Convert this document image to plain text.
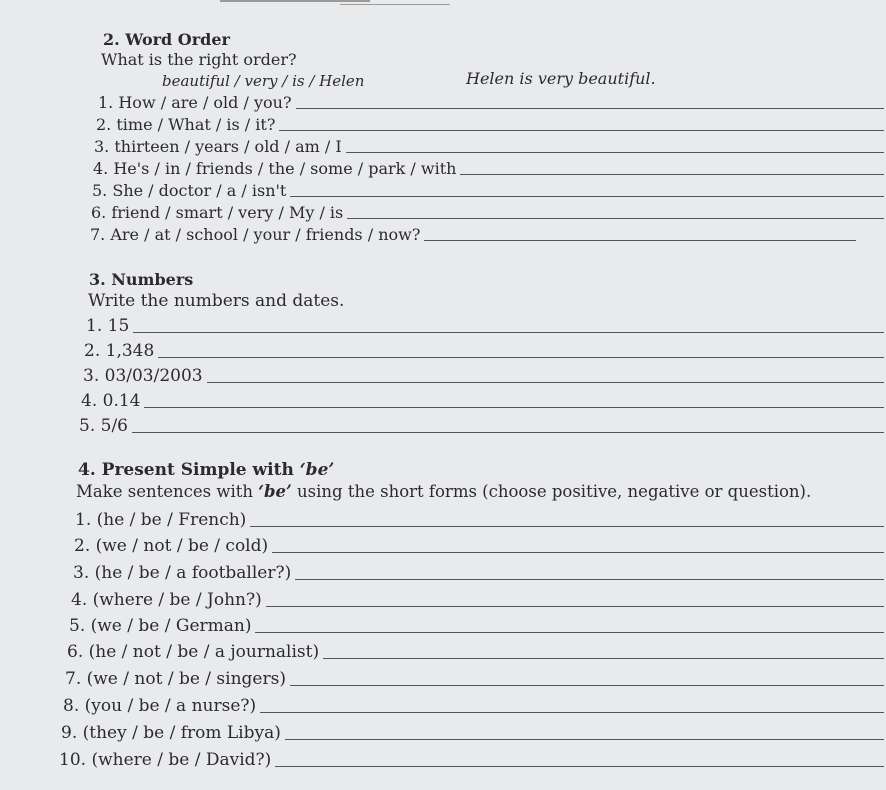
2. Word Order
What is the right order?
beautiful / very / is / Helen	Helen is very beautiful.
1. How / are / old / you?
2. time / What / is / it?
3. thirteen / years / old / am / I
4. He's / in / friends / the / some / park / with
5. She / doctor / a / isn't
6. friend / smart / very / My / is
7. Are / at / school / your / friends / now?
3. Numbers
Write the numbers and dates.
1. 15
2. 1,348
3. 03/03/2003
4. 0.14
5. 5/6
4. Present Simple with ‘be’
Make sentences with ‘be’ using the short forms (choose positive, negative or question).
1. (he / be / French)
2. (we / not / be / cold)
3. (he / be / a footballer?)
4. (where / be / John?)
5. (we / be / German)
6. (he / not / be / a journalist)
7. (we / not / be / singers)
8. (you / be / a nurse?)
9. (they / be / from Libya)
10. (where / be / David?)
